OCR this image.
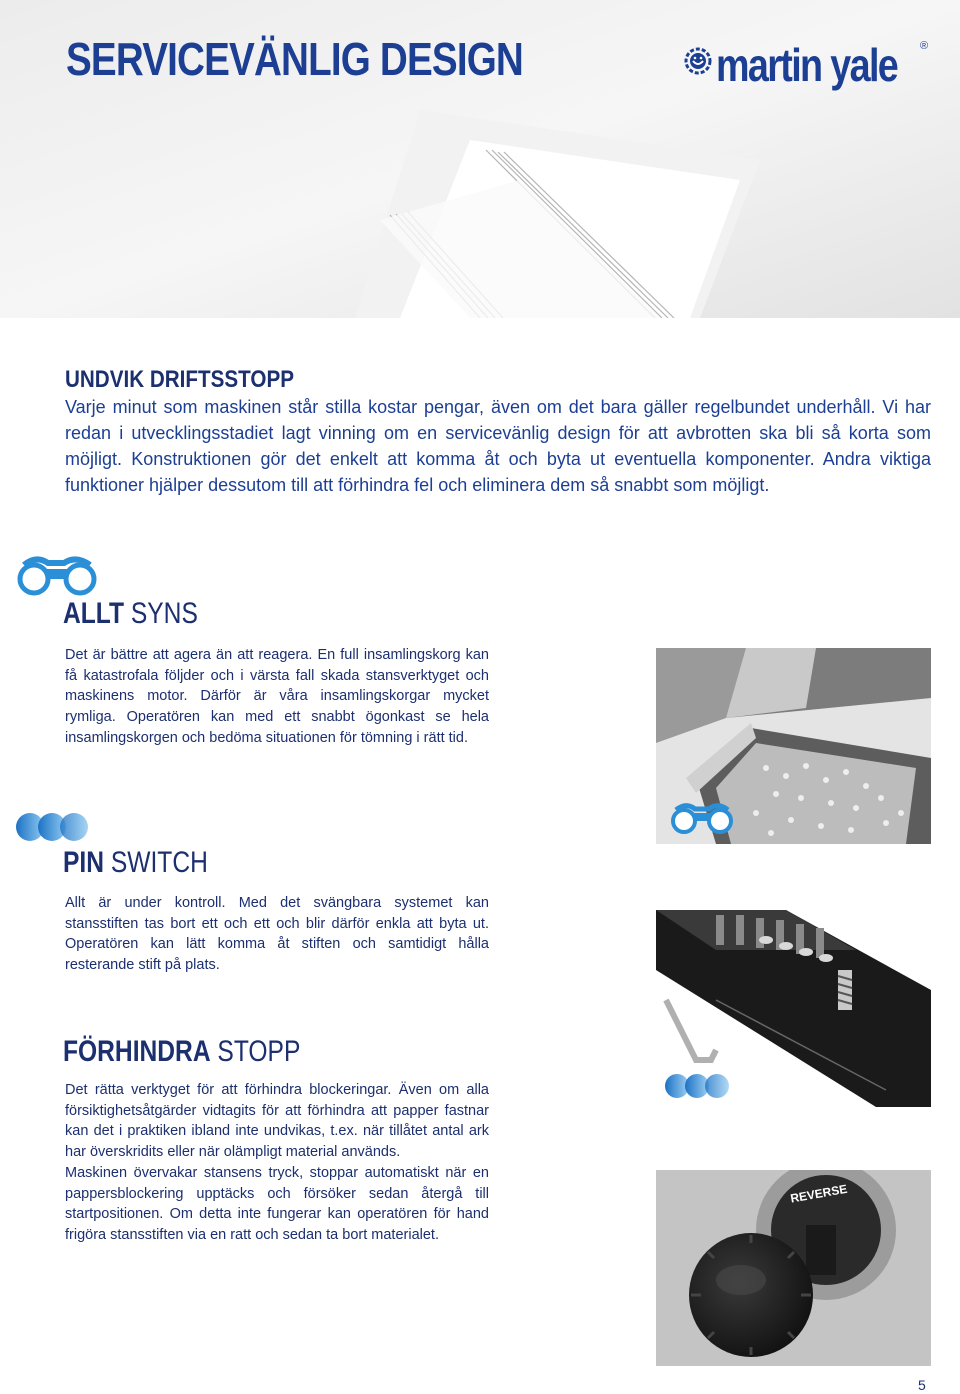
SERVICEVÄNLIG DESIGN	martin yale ®
UNDVIK DRIFTSSTOPP

Varje minut som maskinen står stilla kostar pengar, även om det bara gäller regelbundet underhåll. Vi har redan i utvecklingsstadiet lagt vinning om en servicevänlig design för att avbrotten ska bli så korta som möjligt. Konstruktionen gör det enkelt att komma åt och byta ut eventuella komponenter. Andra viktiga funktioner hjälper dessutom till att förhindra fel och eliminera dem så snabbt som möjligt.

ALLT SYNS

Det är bättre att agera än att reagera. En full insamlingskorg kan få katastrofala följder och i värsta fall skada stansverktyget och maskinens motor. Därför är våra insamlingskorgar mycket rymliga. Operatören kan med ett snabbt ögonkast se hela insamlingskorgen och bedöma situationen för tömning i rätt tid.

PIN SWITCH

Allt är under kontroll. Med det svängbara systemet kan stansstiften tas bort ett och ett och blir därför enkla att byta ut. Operatören kan lätt komma åt stiften och samtidigt hålla resterande stift på plats.

FÖRHINDRA STOPP

Det rätta verktyget för att förhindra blockeringar. Även om alla försiktighetsåtgärder vidtagits för att förhindra att papper fastnar kan det i praktiken ibland inte undvikas, t.ex. när tillåtet antal ark har överskridits eller när olämpligt material används.

Maskinen övervakar stansens tryck, stoppar automatiskt när en pappersblockering upptäcks och försöker sedan återgå till startpositionen. Om detta inte fungerar kan operatören för hand frigöra stansstiften via en ratt och sedan ta bort materialet.

REVERSE
5
